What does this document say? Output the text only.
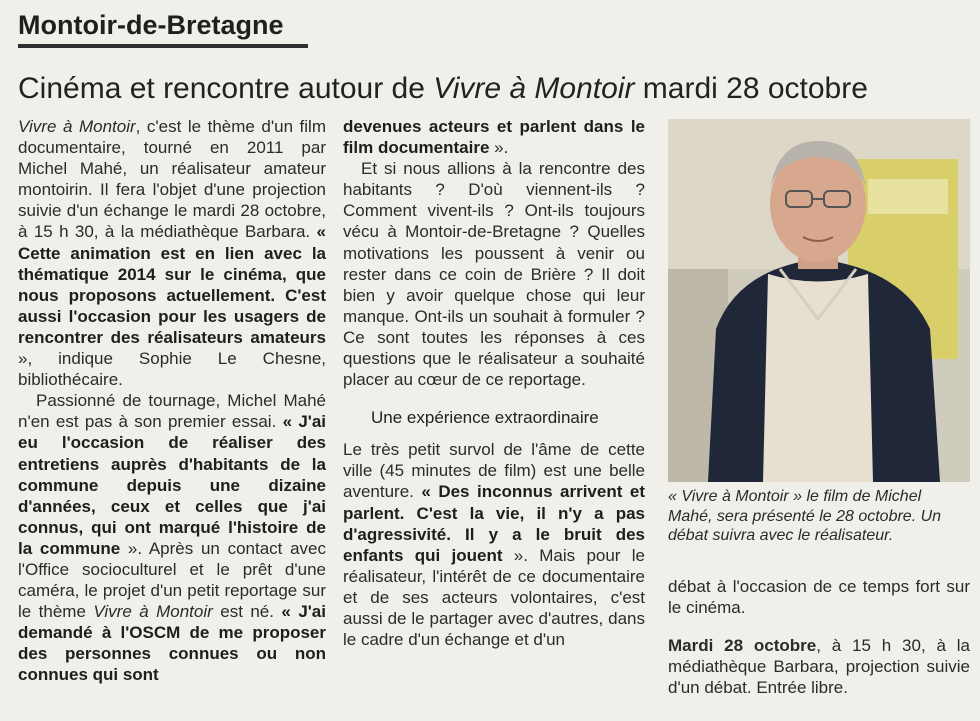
Montoir-de-Bretagne
Cinéma et rencontre autour de Vivre à Montoir mardi 28 octobre

Vivre à Montoir, c'est le thème d'un film documentaire, tourné en 2011 par Michel Mahé, un réalisateur amateur montoirin. Il fera l'objet d'une projection suivie d'un échange le mardi 28 octobre, à 15 h 30, à la médiathèque Barbara. « Cette animation est en lien avec la thématique 2014 sur le cinéma, que nous proposons actuellement. C'est aussi l'occasion pour les usagers de rencontrer des réalisateurs amateurs », indique Sophie Le Chesne, bibliothécaire.

Passionné de tournage, Michel Mahé n'en est pas à son premier essai. « J'ai eu l'occasion de réaliser des entretiens auprès d'habitants de la commune depuis une dizaine d'années, ceux et celles que j'ai connus, qui ont marqué l'histoire de la commune ». Après un contact avec l'Office socioculturel et le prêt d'une caméra, le projet d'un petit reportage sur le thème Vivre à Montoir est né. « J'ai demandé à l'OSCM de me proposer des personnes connues ou non connues qui sont

devenues acteurs et parlent dans le film documentaire ».

Et si nous allions à la rencontre des habitants ? D'où viennent-ils ? Comment vivent-ils ? Ont-ils toujours vécu à Montoir-de-Bretagne ? Quelles motivations les poussent à venir ou rester dans ce coin de Brière ? Il doit bien y avoir quelque chose qui leur manque. Ont-ils un souhait à formuler ? Ce sont toutes les réponses à ces questions que le réalisateur a souhaité placer au cœur de ce reportage.

Une expérience extraordinaire

Le très petit survol de l'âme de cette ville (45 minutes de film) est une belle aventure. « Des inconnus arrivent et parlent. C'est la vie, il n'y a pas d'agressivité. Il y a le bruit des enfants qui jouent ». Mais pour le réalisateur, l'intérêt de ce documentaire et de ses acteurs volontaires, c'est aussi de le partager avec d'autres, dans le cadre d'un échange et d'un

« Vivre à Montoir » le film de Michel Mahé, sera présenté le 28 octobre. Un débat suivra avec le réalisateur.

débat à l'occasion de ce temps fort sur le cinéma.

Mardi 28 octobre, à 15 h 30, à la médiathèque Barbara, projection suivie d'un débat. Entrée libre.
